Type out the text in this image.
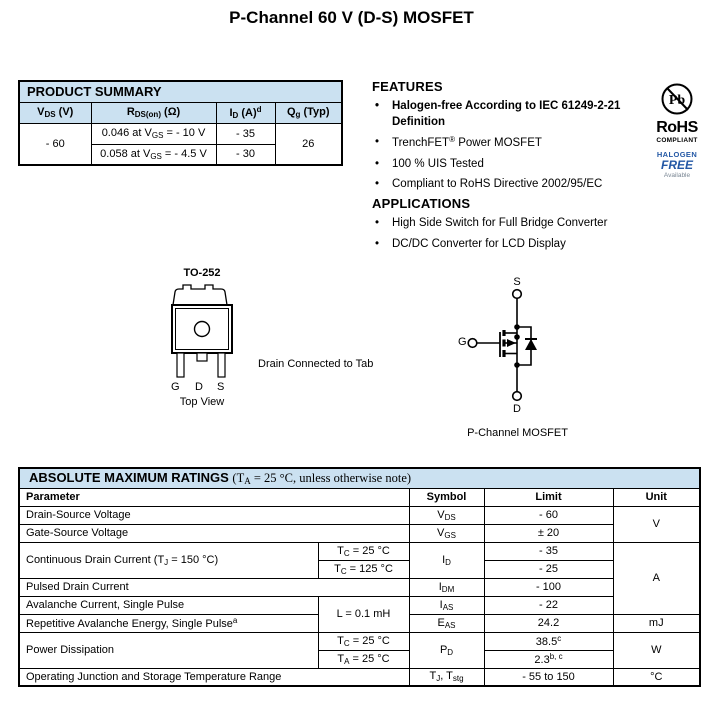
P-Channel 60 V (D-S) MOSFET
PRODUCT SUMMARY			
$V_{DS}$ (V)	$R_{DS(on)}$ (Ω)	$I_D$ $(A)^d$	$Q_g$ (Typ)
- 60	0.046 at $V_{GS}$ = - 10 V	- 35	26
	0.058 at $V_{GS}$ = - 4.5 V	- 30	
FEATURES
•	Halogen-free According to IEC 61249-2-21 Definition
•	TrenchFET® Power MOSFET
•	100 % UIS Tested
•	Compliant to RoHS Directive 2002/95/EC
Pb
RoHS
COMPLIANT
HALOGEN
FREE
Available
APPLICATIONS
•	High Side Switch for Full Bridge Converter
•	DC/DC Converter for LCD Display
TO-252
G D S
Top View
Drain Connected to Tab
S
G
D
P-Channel MOSFET
ABSOLUTE MAXIMUM RATINGS ($T_A = 25$ °C, unless otherwise note)				
Parameter		Symbol	Limit	Unit
Drain-Source Voltage		$V_{DS}$	- 60	V
Gate-Source Voltage		$V_{GS}$	± 20	
Continuous Drain Current ($T_J = 150$ °C)	$T_C = 25$ °C	$I_D$	- 35	A
	$T_C = 125$ °C		- 25	
Pulsed Drain Current		$I_{DM}$	- 100	
Avalanche Current, Single Pulse	L = 0.1 mH	$I_{AS}$	- 22	
Repetitive Avalanche Energy, Single Pulse$^a$		$E_{AS}$	24.2	mJ
Power Dissipation	$T_C = 25$ °C	$P_D$	38.5$^c$	W
	$T_A = 25$ °C		2.3$^{b, c}$
Operating Junction and Storage Temperature Range		$T_J$, $T_{stg}$	- 55 to 150	°C
